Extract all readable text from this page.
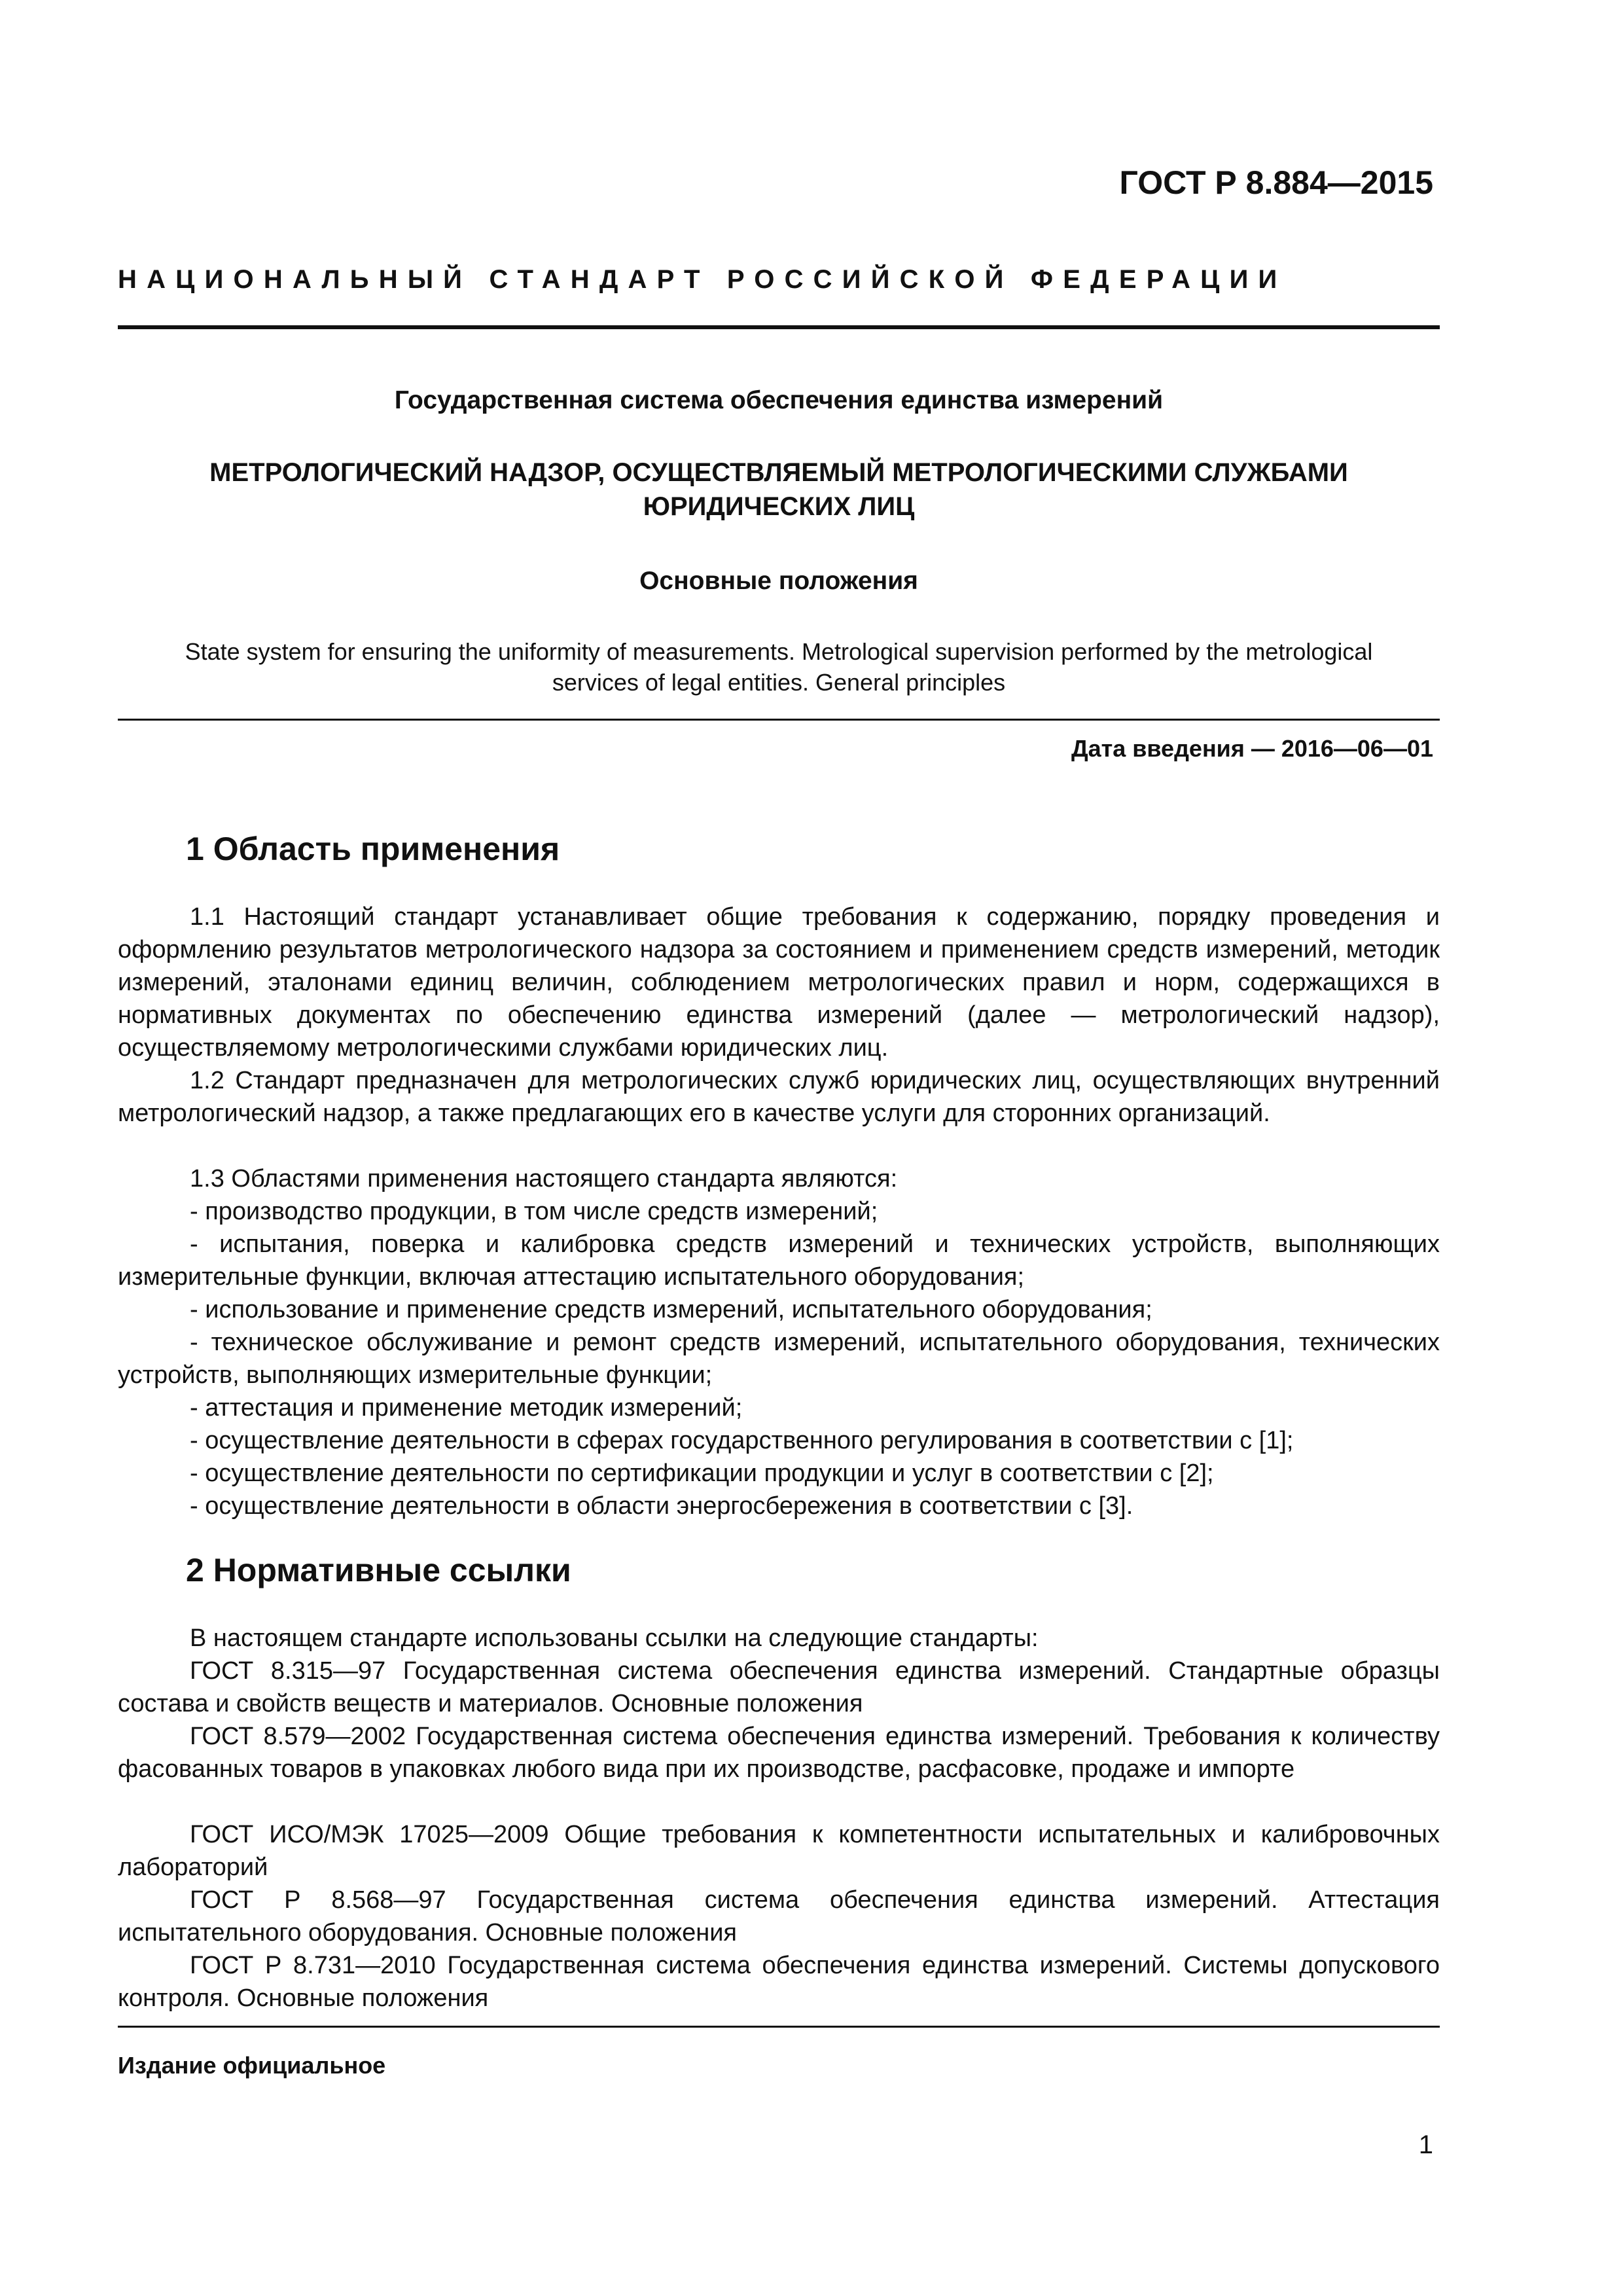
ГОСТ Р 8.884—2015
НАЦИОНАЛЬНЫЙ СТАНДАРТ РОССИЙСКОЙ ФЕДЕРАЦИИ
Государственная система обеспечения единства измерений
МЕТРОЛОГИЧЕСКИЙ НАДЗОР, ОСУЩЕСТВЛЯЕМЫЙ МЕТРОЛОГИЧЕСКИМИ СЛУЖБАМИ
ЮРИДИЧЕСКИХ ЛИЦ
Основные положения
State system for ensuring the uniformity of measurements. Metrological supervision performed by the metrological
services of legal entities. General principles
Дата введения — 2016—06—01
1 Область применения
1.1 Настоящий стандарт устанавливает общие требования к содержанию, порядку проведения и оформлению результатов метрологического надзора за состоянием и применением средств измерений, методик измерений, эталонами единиц величин, соблюдением метрологических правил и норм, содержащихся в нормативных документах по обеспечению единства измерений (далее — метрологический надзор), осуществляемому метрологическими службами юридических лиц.
1.2 Стандарт предназначен для метрологических служб юридических лиц, осуществляющих внутренний метрологический надзор, а также предлагающих его в качестве услуги для сторонних организаций.
1.3 Областями применения настоящего стандарта являются:
- производство продукции, в том числе средств измерений;
- испытания, поверка и калибровка средств измерений и технических устройств, выполняющих измерительные функции, включая аттестацию испытательного оборудования;
- использование и применение средств измерений, испытательного оборудования;
- техническое обслуживание и ремонт средств измерений, испытательного оборудования, технических устройств, выполняющих измерительные функции;
- аттестация и применение методик измерений;
- осуществление деятельности в сферах государственного регулирования в соответствии с [1];
- осуществление деятельности по сертификации продукции и услуг в соответствии с [2];
- осуществление деятельности в области энергосбережения в соответствии с [3].
2 Нормативные ссылки
В настоящем стандарте использованы ссылки на следующие стандарты:
ГОСТ 8.315—97 Государственная система обеспечения единства измерений. Стандартные образцы состава и свойств веществ и материалов. Основные положения
ГОСТ 8.579—2002 Государственная система обеспечения единства измерений. Требования к количеству фасованных товаров в упаковках любого вида при их производстве, расфасовке, продаже и импорте
ГОСТ ИСО/МЭК 17025—2009 Общие требования к компетентности испытательных и калибровочных лабораторий
ГОСТ Р 8.568—97 Государственная система обеспечения единства измерений. Аттестация испытательного оборудования. Основные положения
ГОСТ Р 8.731—2010 Государственная система обеспечения единства измерений. Системы допускового контроля. Основные положения
Издание официальное
1
